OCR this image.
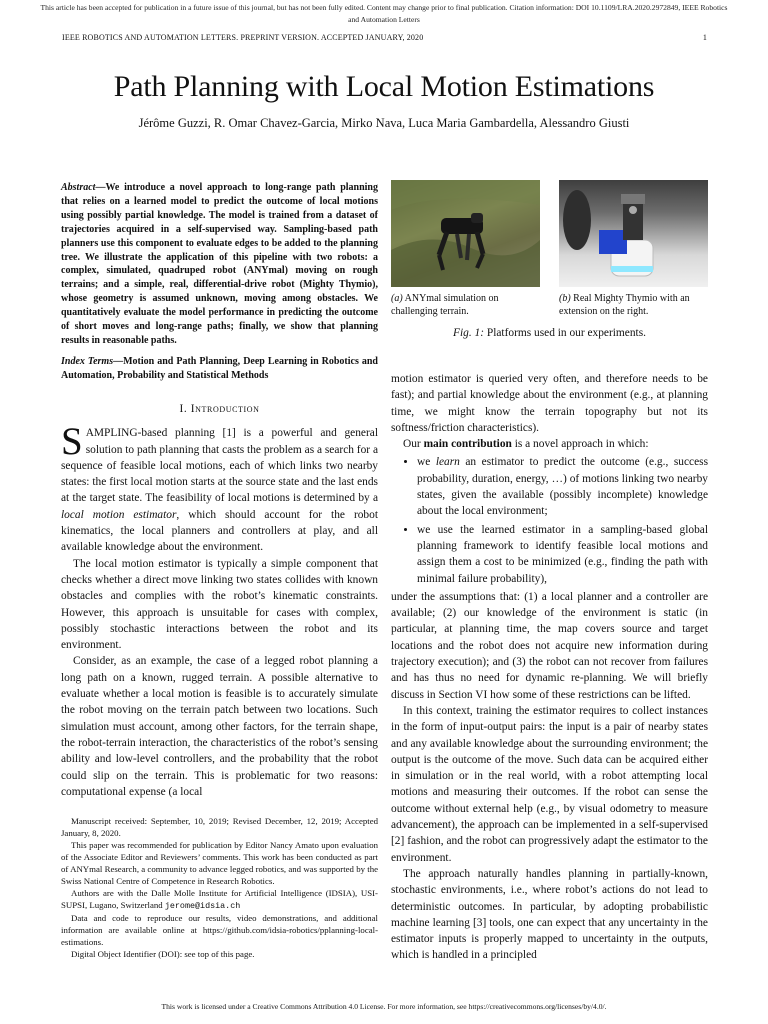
This article has been accepted for publication in a future issue of this journal, but has not been fully edited. Content may change prior to final publication. Citation information: DOI 10.1109/LRA.2020.2972849, IEEE Robotics
and Automation Letters
IEEE ROBOTICS AND AUTOMATION LETTERS. PREPRINT VERSION. ACCEPTED JANUARY, 2020	1
Path Planning with Local Motion Estimations
Jérôme Guzzi, R. Omar Chavez-Garcia, Mirko Nava, Luca Maria Gambardella, Alessandro Giusti
Abstract—We introduce a novel approach to long-range path planning that relies on a learned model to predict the outcome of local motions using possibly partial knowledge. The model is trained from a dataset of trajectories acquired in a self-supervised way. Sampling-based path planners use this component to evaluate edges to be added to the planning tree. We illustrate the application of this pipeline with two robots: a complex, simulated, quadruped robot (ANYmal) moving on rough terrains; and a simple, real, differential-drive robot (Mighty Thymio), whose geometry is assumed unknown, moving among obstacles. We quantitatively evaluate the model performance in predicting the outcome of short moves and long-range paths; finally, we show that planning results in reasonable paths.
Index Terms—Motion and Path Planning, Deep Learning in Robotics and Automation, Probability and Statistical Methods
I. Introduction

SAMPLING-based planning [1] is a powerful and general solution to path planning that casts the problem as a search for a sequence of feasible local motions, each of which links two nearby states: the first local motion starts at the source state and the last ends at the target state. The feasibility of local motions is determined by a local motion estimator, which should account for the robot kinematics, the local planners and controllers at play, and all available knowledge about the environment.

The local motion estimator is typically a simple component that checks whether a direct move linking two states collides with known obstacles and complies with the robot’s kinematic constraints. However, this approach is unsuitable for cases with complex, possibly stochastic interactions between the robot and its environment.

Consider, as an example, the case of a legged robot planning a long path on a known, rugged terrain. A possible alternative to evaluate whether a local motion is feasible is to accurately simulate the robot moving on the terrain patch between two locations. Such simulation must account, among other factors, for the terrain shape, the robot-terrain interaction, the characteristics of the robot’s sensing ability and low-level controllers, and the probability that the robot could slip on the terrain. This is problematic for two reasons: computational expense (a local

(a) ANYmal simulation on challenging terrain.
(b) Real Mighty Thymio with an extension on the right.
Fig. 1: Platforms used in our experiments.

motion estimator is queried very often, and therefore needs to be fast); and partial knowledge about the environment (e.g., at planning time, we might know the terrain topography but not its softness/friction characteristics).

Our main contribution is a novel approach in which:

• we learn an estimator to predict the outcome (e.g., success probability, duration, energy, …) of motions linking two nearby states, given the available (possibly incomplete) knowledge about the local environment;
• we use the learned estimator in a sampling-based global planning framework to identify feasible local motions and assign them a cost to be minimized (e.g., finding the path with minimal failure probability),

under the assumptions that: (1) a local planner and a controller are available; (2) our knowledge of the environment is static (in particular, at planning time, the map covers source and target locations and the robot does not acquire new information during trajectory execution); and (3) the robot can not recover from failures and has thus no need for dynamic re-planning. We will briefly discuss in Section VI how some of these restrictions can be lifted.

In this context, training the estimator requires to collect instances in the form of input-output pairs: the input is a pair of nearby states and any available knowledge about the surrounding environment; the output is the outcome of the move. Such data can be acquired either in simulation or in the real world, with a robot attempting local motions and measuring their outcomes. If the robot can sense the outcome without external help (e.g., by visual odometry to measure advancement), the approach can be implemented in a self-supervised [2] fashion, and the robot can progressively adapt the estimator to the environment.

The approach naturally handles planning in partially-known, stochastic environments, i.e., where robot’s actions do not lead to deterministic outcomes. In particular, by adopting probabilistic machine learning [3] tools, one can expect that any uncertainty in the estimator inputs is properly mapped to uncertainty in the outputs, which is handled in a principled

Manuscript received: September, 10, 2019; Revised December, 12, 2019; Accepted January, 8, 2020.

This paper was recommended for publication by Editor Nancy Amato upon evaluation of the Associate Editor and Reviewers’ comments. This work has been conducted as part of ANYmal Research, a community to advance legged robotics, and was supported by the Swiss National Centre of Competence in Research Robotics.

Authors are with the Dalle Molle Institute for Artificial Intelligence (IDSIA), USI-SUPSI, Lugano, Switzerland jerome@idsia.ch

Data and code to reproduce our results, video demonstrations, and additional information are available online at https://github.com/idsia-robotics/pplanning-local-estimations.

Digital Object Identifier (DOI): see top of this page.

This work is licensed under a Creative Commons Attribution 4.0 License. For more information, see https://creativecommons.org/licenses/by/4.0/.
